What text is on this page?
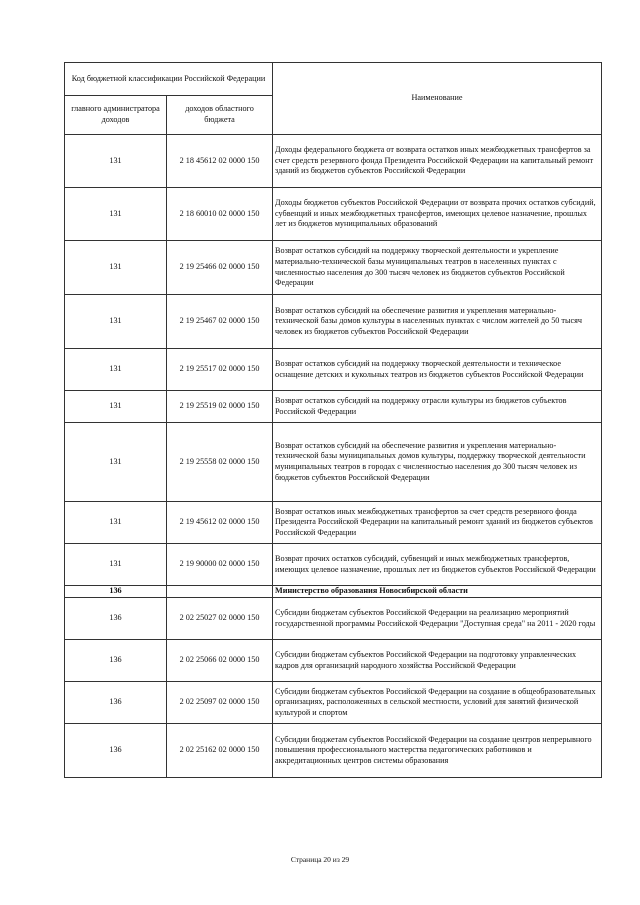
Код бюджетной классификации Российской Федерации		Наименование
главного администратора доходов	доходов областного бюджета	
131	2 18 45612 02 0000 150	Доходы федерального бюджета от возврата остатков иных межбюджетных трансфертов за счет средств резервного фонда Президента Российской Федерации на капитальный ремонт зданий из бюджетов субъектов Российской Федерации
131	2 18 60010 02 0000 150	Доходы бюджетов субъектов Российской Федерации от возврата прочих остатков субсидий, субвенций и иных межбюджетных трансфертов, имеющих целевое назначение, прошлых лет из бюджетов муниципальных образований
131	2 19 25466 02 0000 150	Возврат остатков субсидий на поддержку творческой деятельности и укрепление материально-технической базы муниципальных театров в населенных пунктах с численностью населения до 300 тысяч человек из бюджетов субъектов Российской Федерации
131	2 19 25467 02 0000 150	Возврат остатков субсидий на обеспечение развития и укрепления материально-технической базы домов культуры в населенных пунктах с числом жителей до 50 тысяч человек из бюджетов субъектов Российской Федерации
131	2 19 25517 02 0000 150	Возврат остатков субсидий на поддержку творческой деятельности и техническое оснащение детских и кукольных театров из бюджетов субъектов Российской Федерации
131	2 19 25519 02 0000 150	Возврат остатков субсидий на поддержку отрасли культуры из бюджетов субъектов Российской Федерации
131	2 19 25558 02 0000 150	Возврат остатков субсидий на обеспечение развития и укрепления материально-технической базы муниципальных домов культуры, поддержку творческой деятельности муниципальных театров в городах с численностью населения до 300 тысяч человек из бюджетов субъектов Российской Федерации
131	2 19 45612 02 0000 150	Возврат остатков иных межбюджетных трансфертов за счет средств резервного фонда Президента Российской Федерации на капитальный ремонт зданий из бюджетов субъектов Российской Федерации
131	2 19 90000 02 0000 150	Возврат прочих остатков субсидий, субвенций и иных межбюджетных трансфертов, имеющих целевое назначение, прошлых лет из бюджетов субъектов Российской Федерации
136		Министерство образования Новосибирской области
136	2 02 25027 02 0000 150	Субсидии бюджетам субъектов Российской Федерации на реализацию мероприятий государственной программы Российской Федерации "Доступная среда" на 2011 - 2020 годы
136	2 02 25066 02 0000 150	Субсидии бюджетам субъектов Российской Федерации на подготовку управленческих кадров для организаций народного хозяйства Российской Федерации
136	2 02 25097 02 0000 150	Субсидии бюджетам субъектов Российской Федерации на создание в общеобразовательных организациях, расположенных в сельской местности, условий для занятий физической культурой и спортом
136	2 02 25162 02 0000 150	Субсидии бюджетам субъектов Российской Федерации на создание центров непрерывного повышения профессионального мастерства педагогических работников и аккредитационных центров системы образования
Страница 20 из 29
